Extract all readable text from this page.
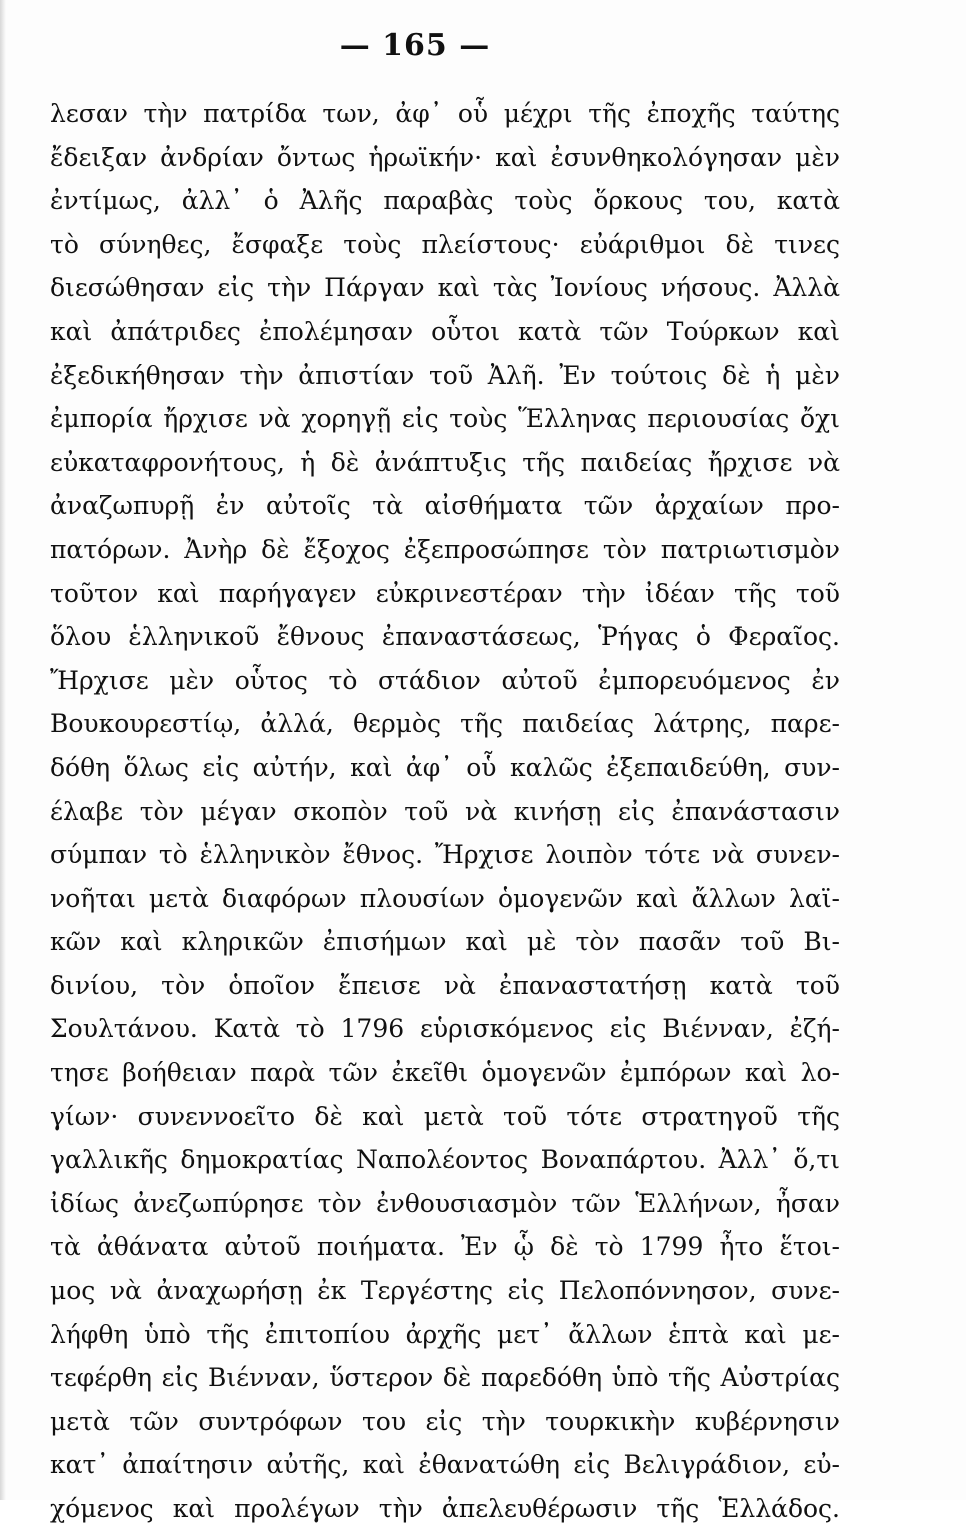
— 165 —
λεσαν τὴν πατρίδα των, ἀφ᾽ οὗ μέχρι τῆς ἐποχῆς ταύτης
ἔδειξαν ἀνδρίαν ὄντως ἡρωϊκήν· καὶ ἐσυνθηκολόγησαν μὲν
ἐντίμως, ἀλλ᾽ ὁ Ἀλῆς παραβὰς τοὺς ὅρκους του, κατὰ
τὸ σύνηθες, ἔσφαξε τοὺς πλείστους· εὐάριθμοι δὲ τινες
διεσώθησαν εἰς τὴν Πάργαν καὶ τὰς Ἰονίους νήσους. Ἀλλὰ
καὶ ἀπάτριδες ἐπολέμησαν οὗτοι κατὰ τῶν Τούρκων καὶ
ἐξεδικήθησαν τὴν ἀπιστίαν τοῦ Ἀλῆ. Ἐν τούτοις δὲ ἡ μὲν
ἐμπορία ἤρχισε νὰ χορηγῇ εἰς τοὺς Ἕλληνας περιουσίας ὄχι
εὐκαταφρονήτους, ἡ δὲ ἀνάπτυξις τῆς παιδείας ἤρχισε νὰ
ἀναζωπυρῇ ἐν αὐτοῖς τὰ αἰσθήματα τῶν ἀρχαίων προ-
πατόρων. Ἀνὴρ δὲ ἔξοχος ἐξεπροσώπησε τὸν πατριωτισμὸν
τοῦτον καὶ παρήγαγεν εὐκρινεστέραν τὴν ἰδέαν τῆς τοῦ
ὅλου ἑλληνικοῦ ἔθνους ἐπαναστάσεως, Ῥήγας ὁ Φεραῖος.
Ἤρχισε μὲν οὗτος τὸ στάδιον αὐτοῦ ἐμπορευόμενος ἐν
Βουκουρεστίῳ, ἀλλά, θερμὸς τῆς παιδείας λάτρης, παρε-
δόθη ὅλως εἰς αὐτήν, καὶ ἀφ᾽ οὗ καλῶς ἐξεπαιδεύθη, συν-
έλαβε τὸν μέγαν σκοπὸν τοῦ νὰ κινήσῃ εἰς ἐπανάστασιν
σύμπαν τὸ ἑλληνικὸν ἔθνος. Ἤρχισε λοιπὸν τότε νὰ συνεν-
νοῆται μετὰ διαφόρων πλουσίων ὁμογενῶν καὶ ἄλλων λαϊ-
κῶν καὶ κληρικῶν ἐπισήμων καὶ μὲ τὸν πασᾶν τοῦ Βι-
δινίου, τὸν ὁποῖον ἔπεισε νὰ ἐπαναστατήσῃ κατὰ τοῦ
Σουλτάνου. Κατὰ τὸ 1796 εὑρισκόμενος εἰς Βιένναν, ἐζή-
τησε βοήθειαν παρὰ τῶν ἐκεῖθι ὁμογενῶν ἐμπόρων καὶ λο-
γίων· συνεννοεῖτο δὲ καὶ μετὰ τοῦ τότε στρατηγοῦ τῆς
γαλλικῆς δημοκρατίας Ναπολέοντος Βοναπάρτου. Ἀλλ᾽ ὅ,τι
ἰδίως ἀνεζωπύρησε τὸν ἐνθουσιασμὸν τῶν Ἑλλήνων, ἦσαν
τὰ ἀθάνατα αὐτοῦ ποιήματα. Ἐν ᾧ δὲ τὸ 1799 ἦτο ἕτοι-
μος νὰ ἀναχωρήσῃ ἐκ Τεργέστης εἰς Πελοπόννησον, συνε-
λήφθη ὑπὸ τῆς ἐπιτοπίου ἀρχῆς μετ᾽ ἄλλων ἑπτὰ καὶ με-
τεφέρθη εἰς Βιένναν, ὕστερον δὲ παρεδόθη ὑπὸ τῆς Αὐστρίας
μετὰ τῶν συντρόφων του εἰς τὴν τουρκικὴν κυβέρνησιν
κατ᾽ ἀπαίτησιν αὐτῆς, καὶ ἐθανατώθη εἰς Βελιγράδιον, εὐ-
χόμενος καὶ προλέγων τὴν ἀπελευθέρωσιν τῆς Ἑλλάδος.
